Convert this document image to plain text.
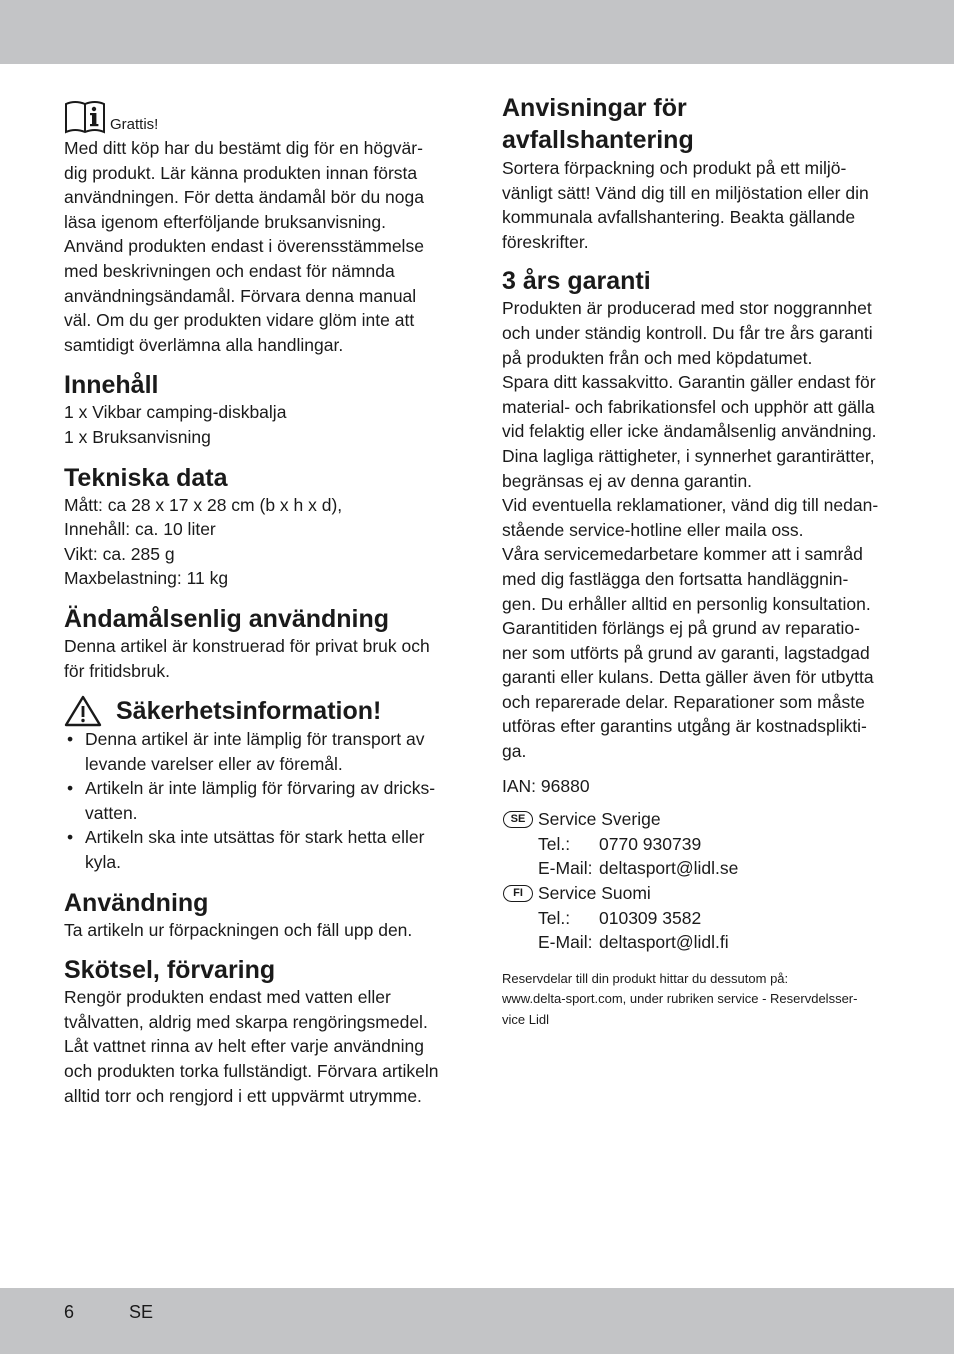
Grattis!

Med ditt köp har du bestämt dig för en högvär-

dig produkt. Lär känna produkten innan första

användningen. För detta ändamål bör du noga

läsa igenom efterföljande bruksanvisning.

Använd produkten endast i överensstämmelse

med beskrivningen och endast för nämnda

användningsändamål. Förvara denna manual

väl. Om du ger produkten vidare glöm inte att

samtidigt överlämna alla handlingar.

Innehåll

1 x Vikbar camping-diskbalja

1 x Bruksanvisning

Tekniska data

Mått: ca 28 x 17 x 28 cm (b x h x d),

Innehåll: ca. 10 liter

Vikt: ca. 285 g

Maxbelastning: 11 kg

Ändamålsenlig användning

Denna artikel är konstruerad för privat bruk och

för fritidsbruk.

Säkerhetsinformation!

• Denna artikel är inte lämplig för transport av

levande varelser eller av föremål.

• Artikeln är inte lämplig för förvaring av dricks-

vatten.

• Artikeln ska inte utsättas för stark hetta eller

kyla.

Användning

Ta artikeln ur förpackningen och fäll upp den.

Skötsel, förvaring

Rengör produkten endast med vatten eller

tvålvatten, aldrig med skarpa rengöringsmedel.

Låt vattnet rinna av helt efter varje användning

och produkten torka fullständigt. Förvara artikeln

alltid torr och rengjord i ett uppvärmt utrymme.

Anvisningar för
avfallshantering

Sortera förpackning och produkt på ett miljö-

vänligt sätt! Vänd dig till en miljöstation eller din

kommunala avfallshantering. Beakta gällande

föreskrifter.

3 års garanti

Produkten är producerad med stor noggrannhet

och under ständig kontroll. Du får tre års garanti

på produkten från och med köpdatumet.

Spara ditt kassakvitto. Garantin gäller endast för

material- och fabrikationsfel och upphör att gälla

vid felaktig eller icke ändamålsenlig användning.

Dina lagliga rättigheter, i synnerhet garantirätter,

begränsas ej av denna garantin.

Vid eventuella reklamationer, vänd dig till nedan-

stående service-hotline eller maila oss.

Våra servicemedarbetare kommer att i samråd

med dig fastlägga den fortsatta handläggnin-

gen. Du erhåller alltid en personlig konsultation.

Garantitiden förlängs ej på grund av reparatio-

ner som utförts på grund av garanti, lagstadgad

garanti eller kulans. Detta gäller även för utbytta

och reparerade delar. Reparationer som måste

utföras efter garantins utgång är kostnadsplikti-

ga.

IAN: 96880

SE Service Sverige
Tel.:	0770 930739
E-Mail: deltasport@lidl.se
FI Service Suomi
Tel.:	010309 3582
E-Mail: deltasport@lidl.fi

Reservdelar till din produkt hittar du dessutom på:

www.delta-sport.com, under rubriken service - Reservdelsser-

vice Lidl

6	SE
